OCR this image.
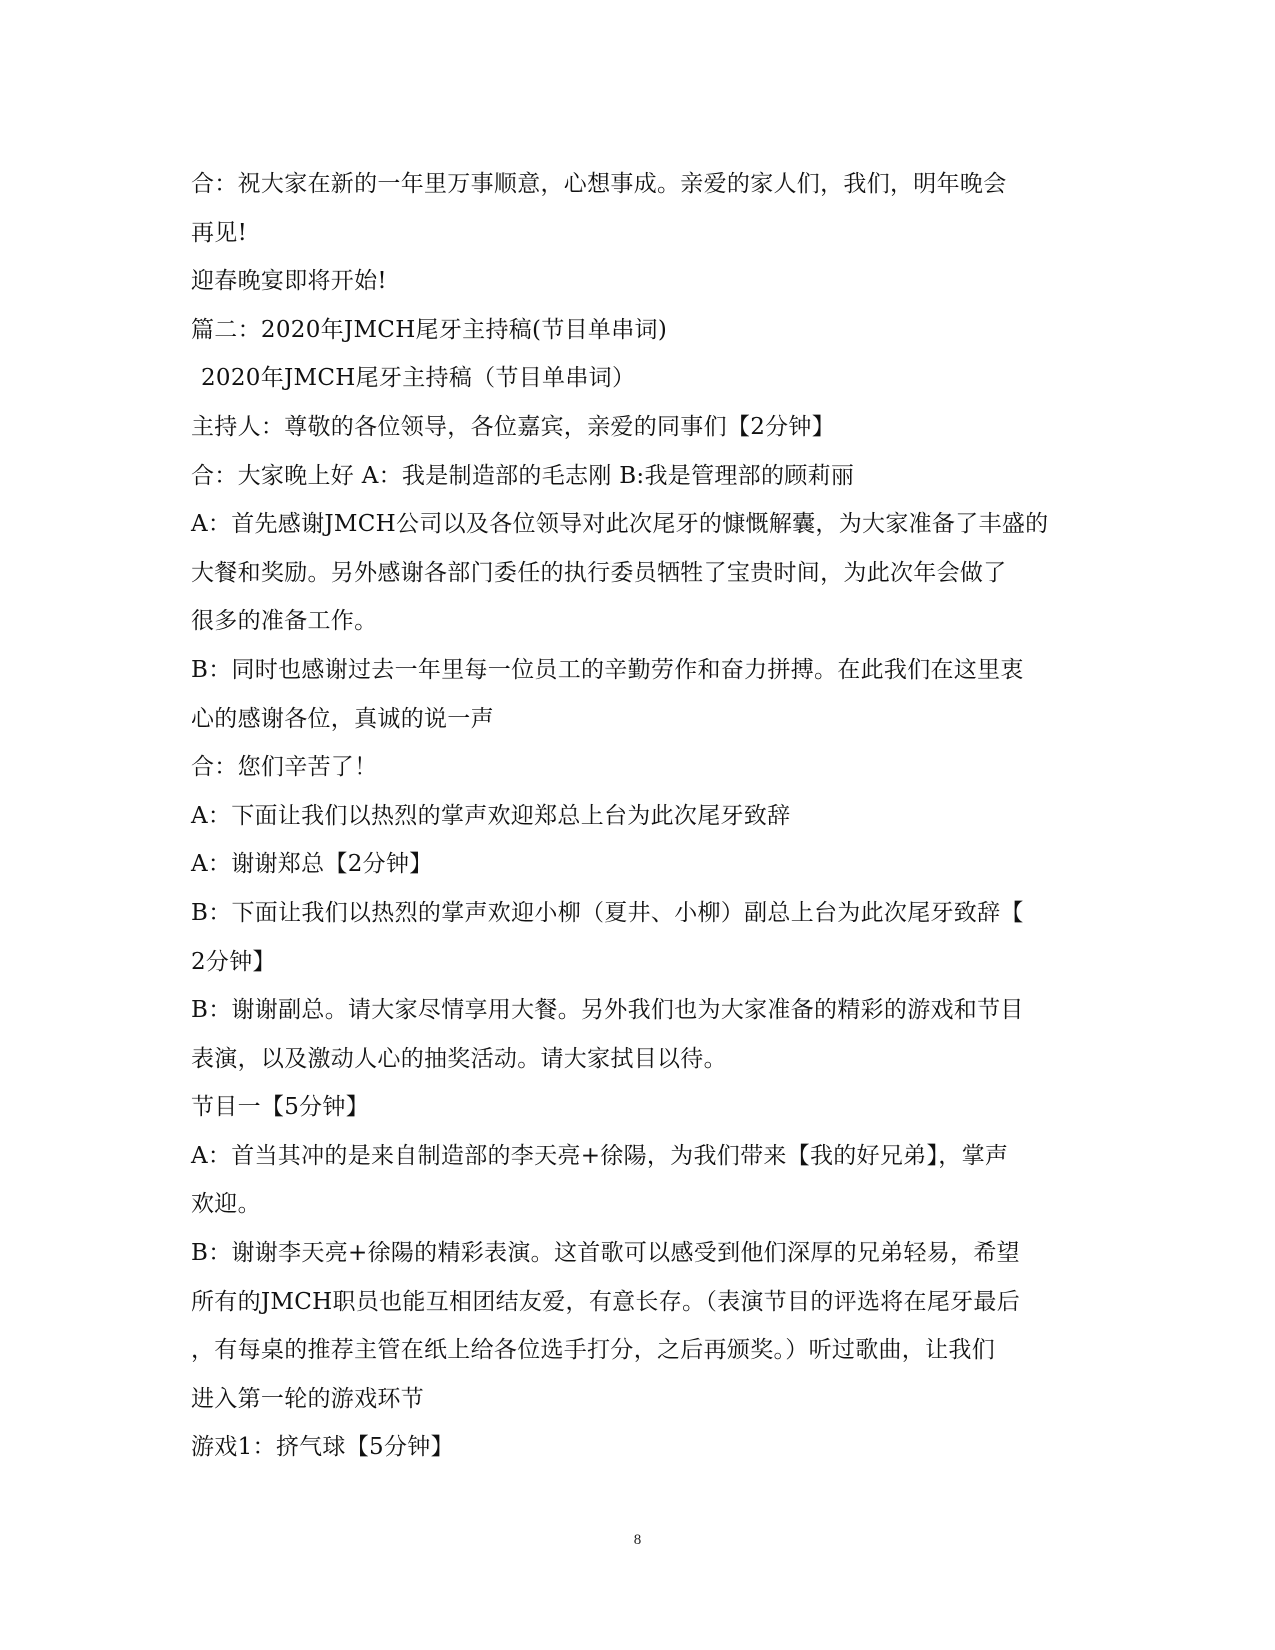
合：祝大家在新的一年里万事顺意，心想事成。亲爱的家人们，我们，明年晚会
再见!
迎春晚宴即将开始!
篇二：2020年JMCH尾牙主持稿(节目单串词)
2020年JMCH尾牙主持稿（节目单串词）
主持人：尊敬的各位领导，各位嘉宾，亲爱的同事们【2分钟】
合：大家晚上好 A：我是制造部的毛志刚 B:我是管理部的顾莉丽
A：首先感谢JMCH公司以及各位领导对此次尾牙的慷慨解囊，为大家准备了丰盛的
大餐和奖励。另外感谢各部门委任的执行委员牺牲了宝贵时间，为此次年会做了
很多的准备工作。
B：同时也感谢过去一年里每一位员工的辛勤劳作和奋力拼搏。在此我们在这里衷
心的感谢各位，真诚的说一声
合：您们辛苦了！
A：下面让我们以热烈的掌声欢迎郑总上台为此次尾牙致辞
A：谢谢郑总【2分钟】
B：下面让我们以热烈的掌声欢迎小柳（夏井、小柳）副总上台为此次尾牙致辞【
2分钟】
B：谢谢副总。请大家尽情享用大餐。另外我们也为大家准备的精彩的游戏和节目
表演，以及激动人心的抽奖活动。请大家拭目以待。
节目一【5分钟】
A：首当其冲的是来自制造部的李天亮+徐陽，为我们带来【我的好兄弟】，掌声
欢迎。
B：谢谢李天亮+徐陽的精彩表演。这首歌可以感受到他们深厚的兄弟轻易，希望
所有的JMCH职员也能互相团结友爱，有意长存。（表演节目的评选将在尾牙最后
，有每桌的推荐主管在纸上给各位选手打分，之后再颁奖。）听过歌曲，让我们
进入第一轮的游戏环节
游戏1：挤气球【5分钟】
8
